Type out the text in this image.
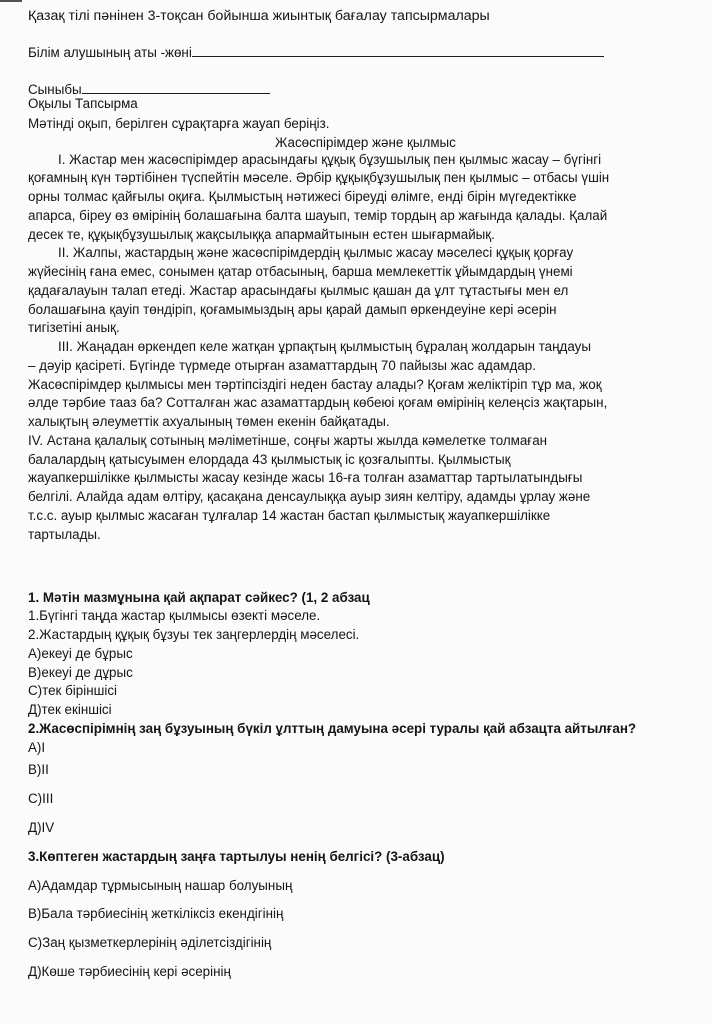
Қазақ тілі пәнінен 3-тоқсан бойынша жиынтық бағалау тапсырмалары
Білім алушының аты -жөні
Сыныбы
Оқылы Тапсырма
Мәтінді оқып, берілген сұрақтарға жауап беріңіз.
Жасөспірімдер және қылмыс
I. Жастар мен жасөспірімдер арасындағы құқық бұзушылық пен қылмыс жасау – бүгінгі
қоғамның күн тәртібінен түспейтін мәселе. Әрбір құқықбұзушылық пен қылмыс – отбасы үшін
орны толмас қайғылы оқиға. Қылмыстың нәтижесі біреуді өлімге, енді бірін мүгедектікке
апарса, біреу өз өмірінің болашағына балта шауып, темір тордың ар жағында қалады. Қалай
десек те, құқықбұзушылық жақсылыққа апармайтынын естен шығармайық.
II. Жалпы, жастардың және жасөспірімдердің қылмыс жасау мәселесі құқық қорғау
жүйесінің ғана емес, сонымен қатар отбасының, барша мемлекеттік ұйымдардың үнемі
қадағалауын талап етеді. Жастар арасындағы қылмыс қашан да ұлт тұтастығы мен ел
болашағына қауіп төндіріп, қоғамымыздың ары қарай дамып өркендеуіне кері әсерін
тигізетіні анық.
III. Жаңадан өркендеп келе жатқан ұрпақтың қылмыстың бұралаң жолдарын таңдауы
– дәуір қасіреті. Бүгінде түрмеде отырған азаматтардың 70 пайызы жас адамдар.
Жасөспірімдер қылмысы мен тәртіпсіздігі неден бастау алады? Қоғам желіктіріп тұр ма, жоқ
әлде тәрбие тааз ба? Сотталған жас азаматтардың көбеюі қоғам өмірінің келеңсіз жақтарын,
халықтың әлеуметтік ахуалының төмен екенін байқатады.
IV. Астана қалалық сотының мәліметінше, соңғы жарты жылда кәмелетке толмаған
балалардың қатысуымен елордада 43 қылмыстық іс қозғалыпты. Қылмыстық
жауапкершілікке қылмысты жасау кезінде жасы 16-ға толған азаматтар тартылатындығы
белгілі. Алайда адам өлтіру, қасақана денсаулыққа ауыр зиян келтіру, адамды ұрлау және
т.с.с. ауыр қылмыс жасаған тұлғалар 14 жастан бастап қылмыстық жауапкершілікке
тартылады.
1. Мәтін мазмұнына қай ақпарат сәйкес? (1, 2 абзац
1.Бүгінгі таңда жастар қылмысы өзекті мәселе.
2.Жастардың құқық бұзуы тек заңгерлердің мәселесі.
А)екеуі де бұрыс
В)екеуі де дұрыс
С)тек біріншісі
Д)тек екіншісі
2.Жасөспірімнің заң бұзуының бүкіл ұлттың дамуына әсері туралы қай абзацта айтылған?
А)I
В)II
С)III
Д)IV
3.Көптеген жастардың заңға тартылуы ненің белгісі? (3-абзац)
А)Адамдар тұрмысының нашар болуының
В)Бала тәрбиесінің жеткіліксіз екендігінің
С)Заң қызметкерлерінің әділетсіздігінің
Д)Көше тәрбиесінің кері әсерінің
